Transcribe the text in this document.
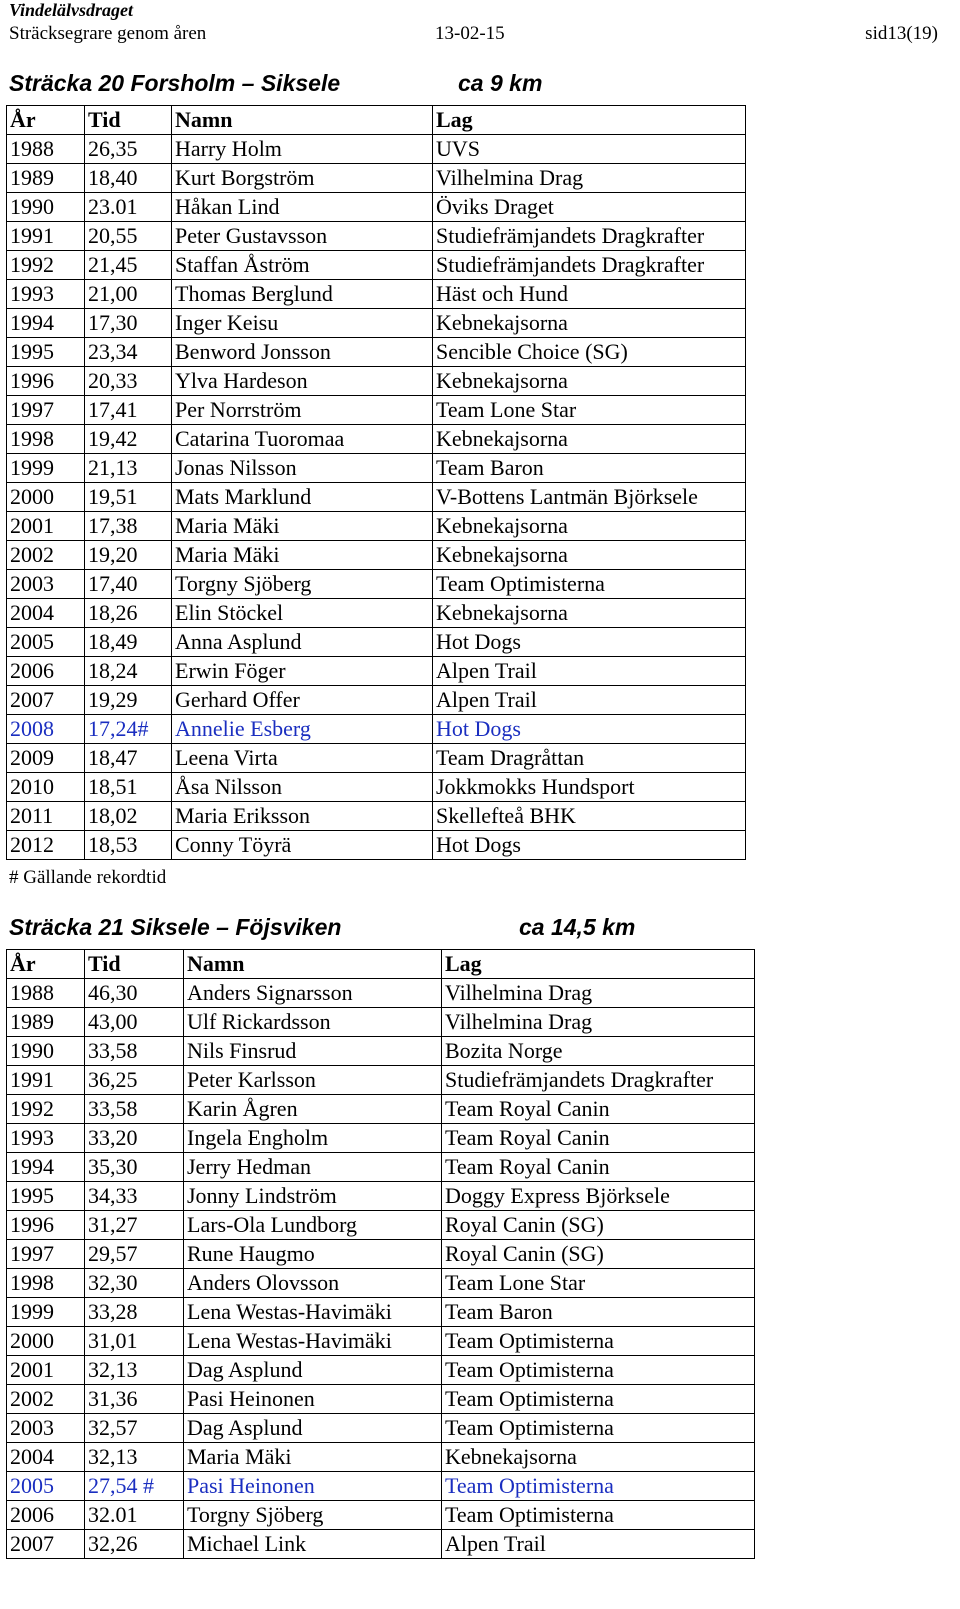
Vindelälvsdraget
Sträcksegrare genom åren	13-02-15	sid13(19)
Sträcka 20 Forsholm – Siksele	ca 9 km
År	Tid	Namn	Lag
1988	26,35	Harry Holm	UVS
1989	18,40	Kurt Borgström	Vilhelmina Drag
1990	23.01	Håkan Lind	Öviks Draget
1991	20,55	Peter Gustavsson	Studiefrämjandets Dragkrafter
1992	21,45	Staffan Åström	Studiefrämjandets Dragkrafter
1993	21,00	Thomas Berglund	Häst och Hund
1994	17,30	Inger Keisu	Kebnekajsorna
1995	23,34	Benword Jonsson	Sencible Choice (SG)
1996	20,33	Ylva Hardeson	Kebnekajsorna
1997	17,41	Per Norrström	Team Lone Star
1998	19,42	Catarina Tuoromaa	Kebnekajsorna
1999	21,13	Jonas Nilsson	Team Baron
2000	19,51	Mats Marklund	V-Bottens Lantmän Björksele
2001	17,38	Maria Mäki	Kebnekajsorna
2002	19,20	Maria Mäki	Kebnekajsorna
2003	17,40	Torgny Sjöberg	Team Optimisterna
2004	18,26	Elin Stöckel	Kebnekajsorna
2005	18,49	Anna Asplund	Hot Dogs
2006	18,24	Erwin Föger	Alpen Trail
2007	19,29	Gerhard Offer	Alpen Trail
2008	17,24#	Annelie Esberg	Hot Dogs
2009	18,47	Leena Virta	Team Dragråttan
2010	18,51	Åsa Nilsson	Jokkmokks Hundsport
2011	18,02	Maria Eriksson	Skellefteå BHK
2012	18,53	Conny Töyrä	Hot Dogs
# Gällande rekordtid
Sträcka 21 Siksele – Föjsviken	ca 14,5 km
År	Tid	Namn	Lag
1988	46,30	Anders Signarsson	Vilhelmina Drag
1989	43,00	Ulf Rickardsson	Vilhelmina Drag
1990	33,58	Nils Finsrud	Bozita Norge
1991	36,25	Peter Karlsson	Studiefrämjandets Dragkrafter
1992	33,58	Karin Ågren	Team Royal Canin
1993	33,20	Ingela Engholm	Team Royal Canin
1994	35,30	Jerry Hedman	Team Royal Canin
1995	34,33	Jonny Lindström	Doggy Express Björksele
1996	31,27	Lars-Ola Lundborg	Royal Canin (SG)
1997	29,57	Rune Haugmo	Royal Canin (SG)
1998	32,30	Anders Olovsson	Team Lone Star
1999	33,28	Lena Westas-Havimäki	Team Baron
2000	31,01	Lena Westas-Havimäki	Team Optimisterna
2001	32,13	Dag Asplund	Team Optimisterna
2002	31,36	Pasi Heinonen	Team Optimisterna
2003	32,57	Dag Asplund	Team Optimisterna
2004	32,13	Maria Mäki	Kebnekajsorna
2005	27,54 #	Pasi Heinonen	Team Optimisterna
2006	32.01	Torgny Sjöberg	Team Optimisterna
2007	32,26	Michael Link	Alpen Trail
